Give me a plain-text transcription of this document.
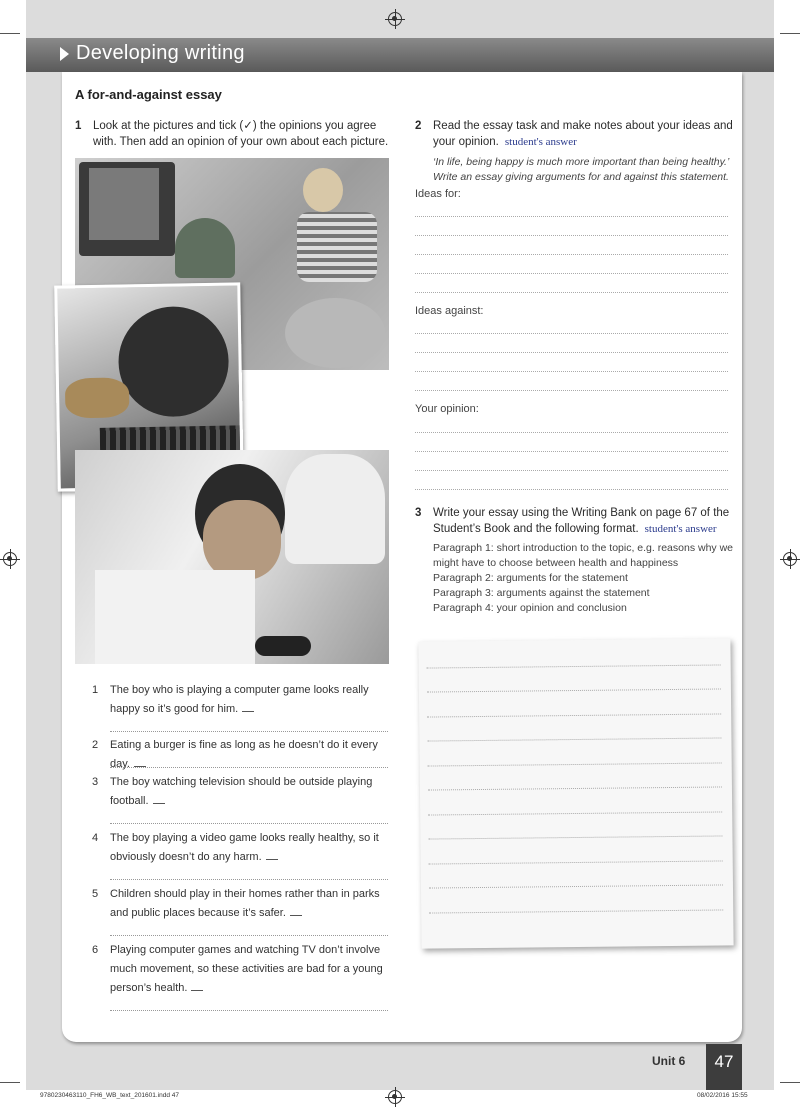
Developing writing
A for-and-against essay
1 Look at the pictures and tick (✓) the opinions you agree with. Then add an opinion of your own about each picture.
1 The boy who is playing a computer game looks really happy so it’s good for him.
2 Eating a burger is fine as long as he doesn’t do it every day.
3 The boy watching television should be outside playing football.
4 The boy playing a video game looks really healthy, so it obviously doesn’t do any harm.
5 Children should play in their homes rather than in parks and public places because it’s safer.
6 Playing computer games and watching TV don’t involve much movement, so these activities are bad for a young person’s health.
2 Read the essay task and make notes about your ideas and your opinion. student's answer
‘In life, being happy is much more important than being healthy.’ Write an essay giving arguments for and against this statement.
Ideas for:
Ideas against:
Your opinion:
3 Write your essay using the Writing Bank on page 67 of the Student’s Book and the following format. student's answer
Paragraph 1: short introduction to the topic, e.g. reasons why we might have to choose between health and happiness
Paragraph 2: arguments for the statement
Paragraph 3: arguments against the statement
Paragraph 4: your opinion and conclusion
Unit 6	47
9780230463110_FH6_WB_text_201601.indd 47	08/02/2016 15:55
